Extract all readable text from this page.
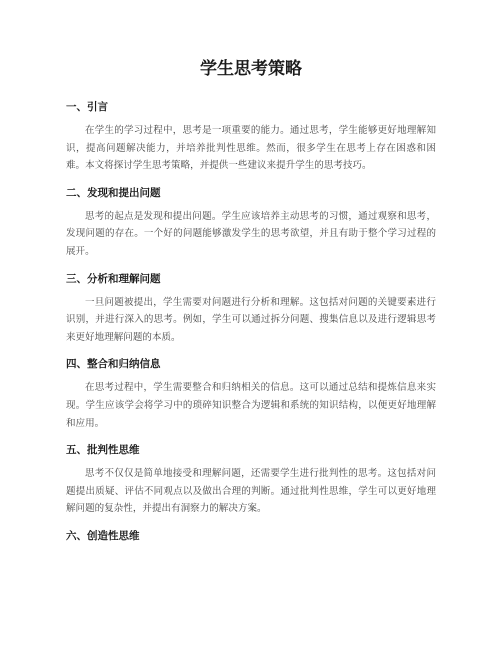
学生思考策略
一、引言

在学生的学习过程中，思考是一项重要的能力。通过思考，学生能够更好地理解知识，提高问题解决能力，并培养批判性思维。然而，很多学生在思考上存在困惑和困难。本文将探讨学生思考策略，并提供一些建议来提升学生的思考技巧。

二、发现和提出问题

思考的起点是发现和提出问题。学生应该培养主动思考的习惯，通过观察和思考，发现问题的存在。一个好的问题能够激发学生的思考欲望，并且有助于整个学习过程的展开。

三、分析和理解问题

一旦问题被提出，学生需要对问题进行分析和理解。这包括对问题的关键要素进行识别，并进行深入的思考。例如，学生可以通过拆分问题、搜集信息以及进行逻辑思考来更好地理解问题的本质。

四、整合和归纳信息

在思考过程中，学生需要整合和归纳相关的信息。这可以通过总结和提炼信息来实现。学生应该学会将学习中的琐碎知识整合为逻辑和系统的知识结构，以便更好地理解和应用。

五、批判性思维

思考不仅仅是简单地接受和理解问题，还需要学生进行批判性的思考。这包括对问题提出质疑、评估不同观点以及做出合理的判断。通过批判性思维，学生可以更好地理解问题的复杂性，并提出有洞察力的解决方案。

六、创造性思维
